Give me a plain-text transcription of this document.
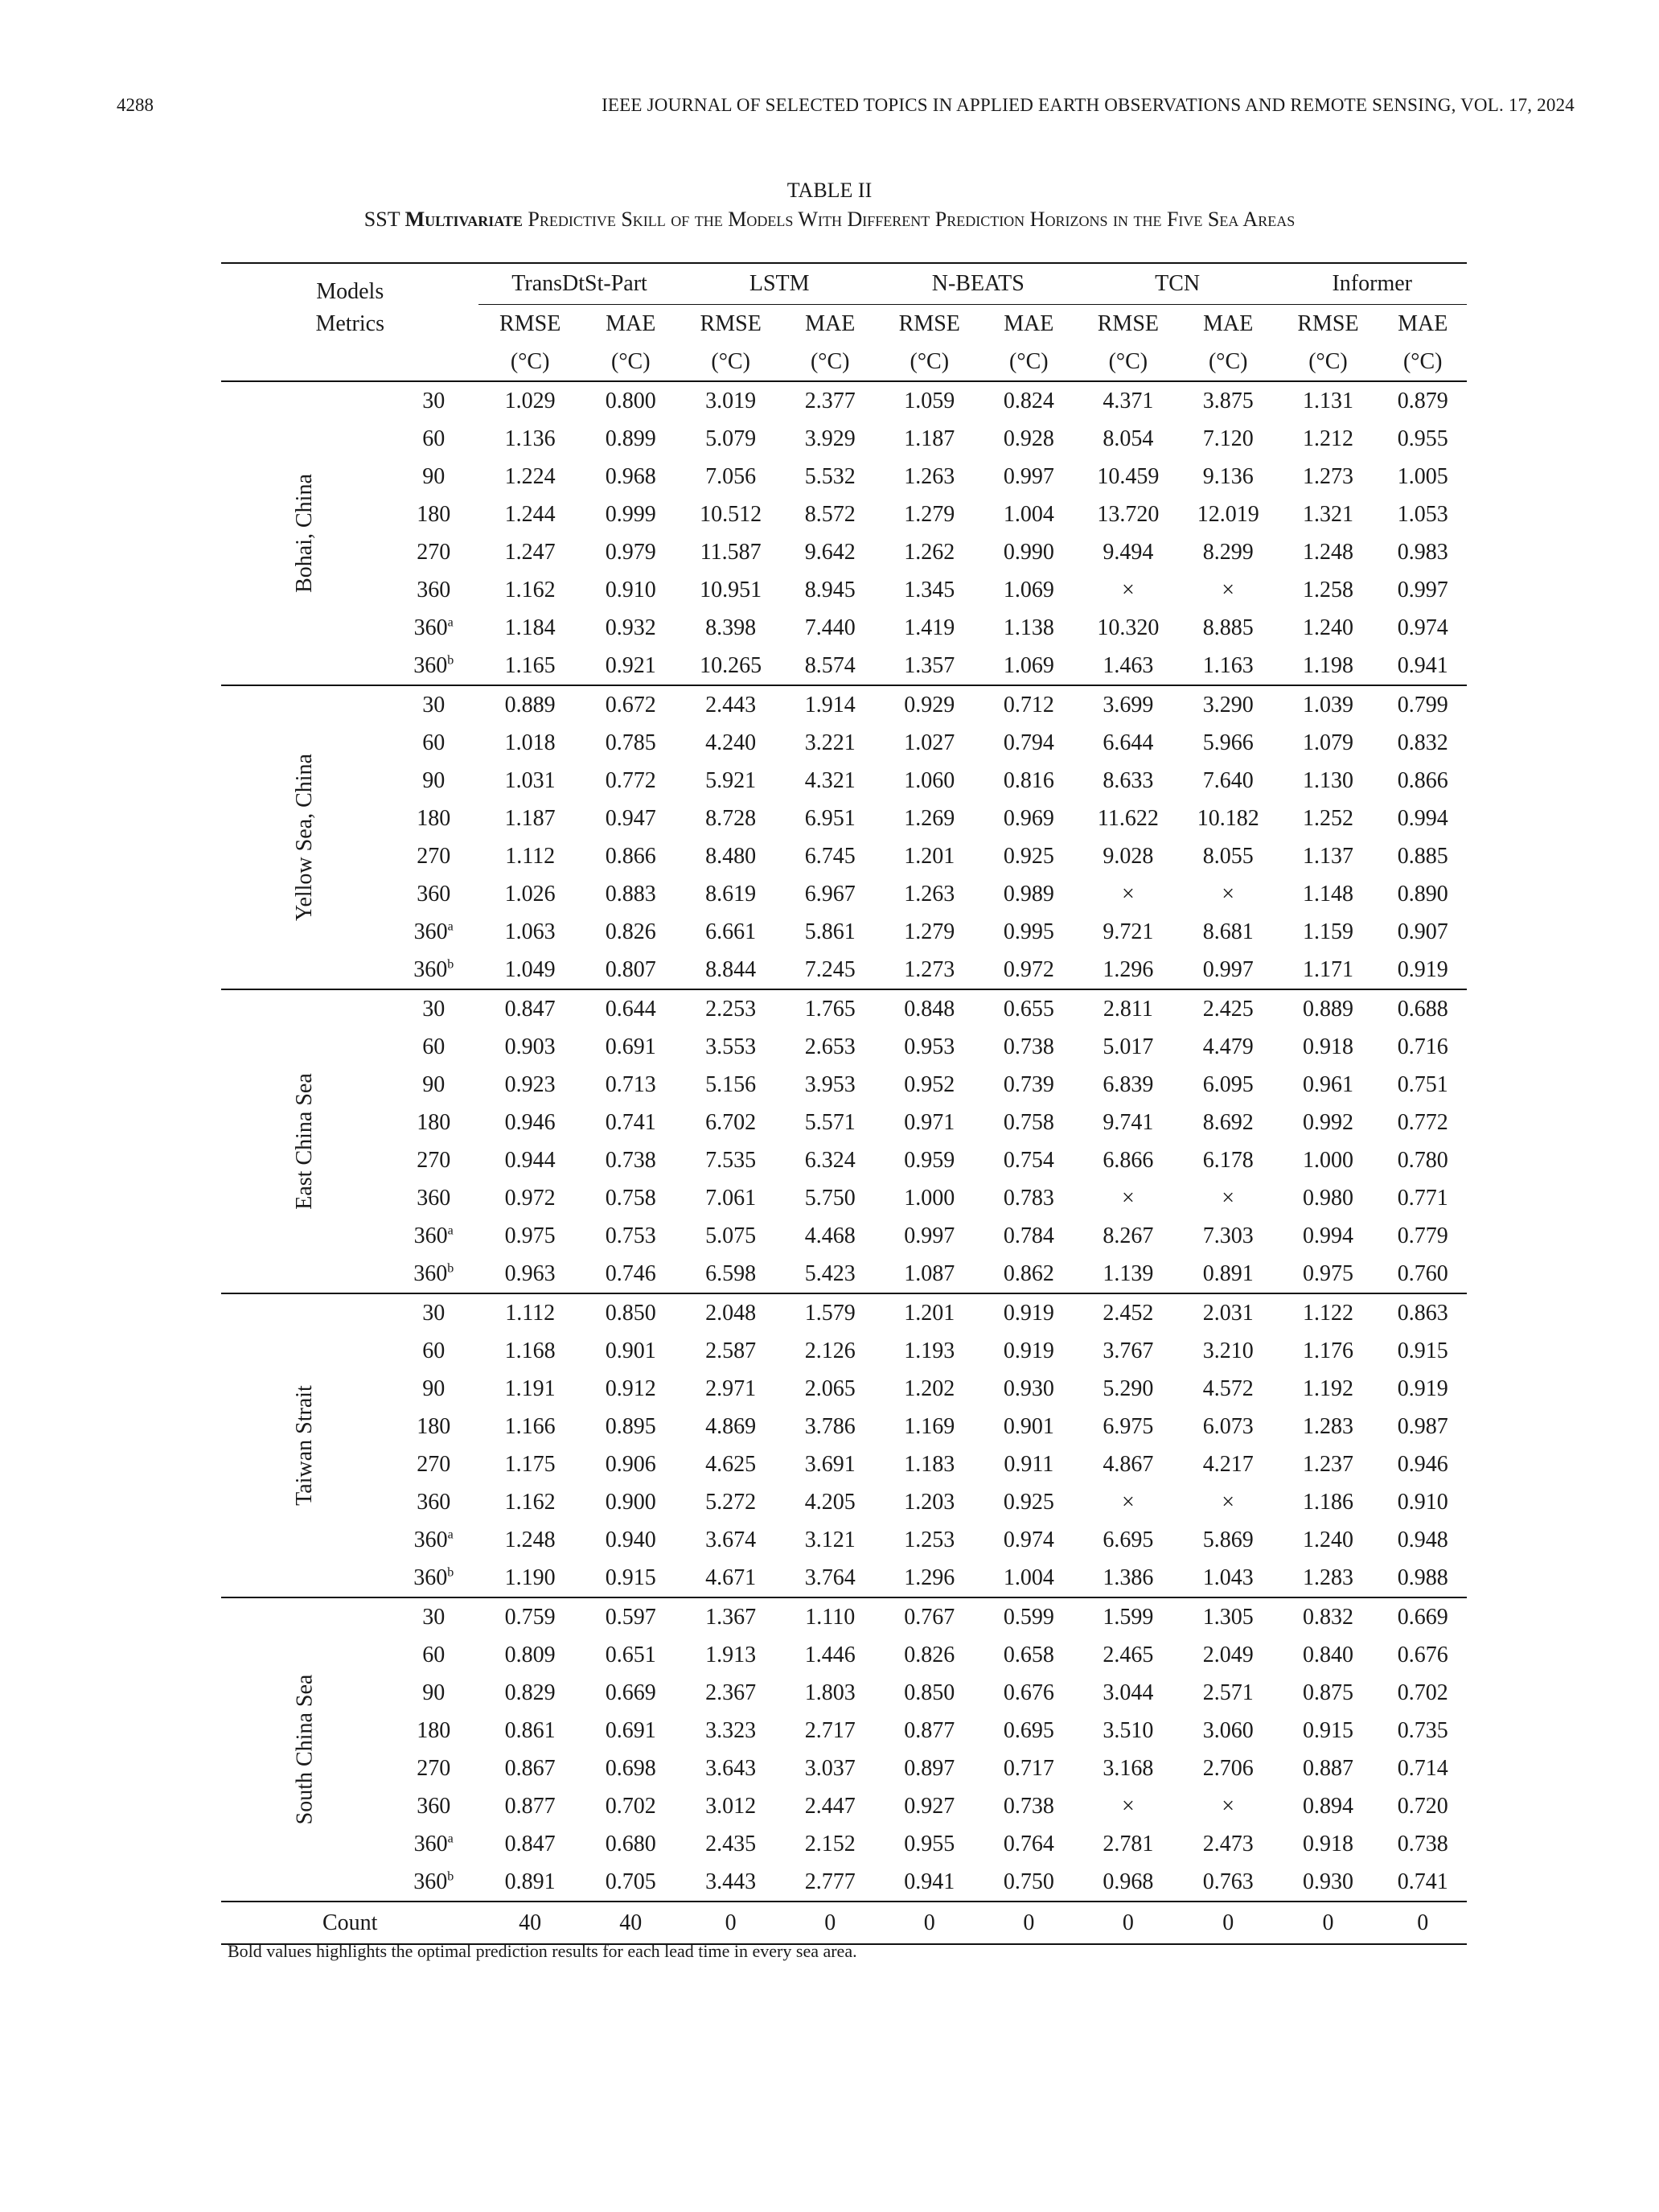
4288	IEEE JOURNAL OF SELECTED TOPICS IN APPLIED EARTH OBSERVATIONS AND REMOTE SENSING, VOL. 17, 2024
TABLE II
SST Multivariate Predictive Skill of the Models With Different Prediction Horizons in the Five Sea Areas
Models		TransDtSt-Part		LSTM		N-BEATS		TCN		Informer	
Metrics		RMSE	MAE	RMSE	MAE	RMSE	MAE	RMSE	MAE	RMSE	MAE
		(°C)	(°C)	(°C)	(°C)	(°C)	(°C)	(°C)	(°C)	(°C)	(°C)
Bohai, China	30	1.029	0.800	3.019	2.377	1.059	0.824	4.371	3.875	1.131	0.879
	60	1.136	0.899	5.079	3.929	1.187	0.928	8.054	7.120	1.212	0.955
	90	1.224	0.968	7.056	5.532	1.263	0.997	10.459	9.136	1.273	1.005
	180	1.244	0.999	10.512	8.572	1.279	1.004	13.720	12.019	1.321	1.053
	270	1.247	0.979	11.587	9.642	1.262	0.990	9.494	8.299	1.248	0.983
	360	1.162	0.910	10.951	8.945	1.345	1.069	×	×	1.258	0.997
	360$^a$	1.184	0.932	8.398	7.440	1.419	1.138	10.320	8.885	1.240	0.974
	360$^b$	1.165	0.921	10.265	8.574	1.357	1.069	1.463	1.163	1.198	0.941
Yellow Sea, China	30	0.889	0.672	2.443	1.914	0.929	0.712	3.699	3.290	1.039	0.799
	60	1.018	0.785	4.240	3.221	1.027	0.794	6.644	5.966	1.079	0.832
	90	1.031	0.772	5.921	4.321	1.060	0.816	8.633	7.640	1.130	0.866
	180	1.187	0.947	8.728	6.951	1.269	0.969	11.622	10.182	1.252	0.994
	270	1.112	0.866	8.480	6.745	1.201	0.925	9.028	8.055	1.137	0.885
	360	1.026	0.883	8.619	6.967	1.263	0.989	×	×	1.148	0.890
	360$^a$	1.063	0.826	6.661	5.861	1.279	0.995	9.721	8.681	1.159	0.907
	360$^b$	1.049	0.807	8.844	7.245	1.273	0.972	1.296	0.997	1.171	0.919
East China Sea	30	0.847	0.644	2.253	1.765	0.848	0.655	2.811	2.425	0.889	0.688
	60	0.903	0.691	3.553	2.653	0.953	0.738	5.017	4.479	0.918	0.716
	90	0.923	0.713	5.156	3.953	0.952	0.739	6.839	6.095	0.961	0.751
	180	0.946	0.741	6.702	5.571	0.971	0.758	9.741	8.692	0.992	0.772
	270	0.944	0.738	7.535	6.324	0.959	0.754	6.866	6.178	1.000	0.780
	360	0.972	0.758	7.061	5.750	1.000	0.783	×	×	0.980	0.771
	360$^a$	0.975	0.753	5.075	4.468	0.997	0.784	8.267	7.303	0.994	0.779
	360$^b$	0.963	0.746	6.598	5.423	1.087	0.862	1.139	0.891	0.975	0.760
Taiwan Strait	30	1.112	0.850	2.048	1.579	1.201	0.919	2.452	2.031	1.122	0.863
	60	1.168	0.901	2.587	2.126	1.193	0.919	3.767	3.210	1.176	0.915
	90	1.191	0.912	2.971	2.065	1.202	0.930	5.290	4.572	1.192	0.919
	180	1.166	0.895	4.869	3.786	1.169	0.901	6.975	6.073	1.283	0.987
	270	1.175	0.906	4.625	3.691	1.183	0.911	4.867	4.217	1.237	0.946
	360	1.162	0.900	5.272	4.205	1.203	0.925	×	×	1.186	0.910
	360$^a$	1.248	0.940	3.674	3.121	1.253	0.974	6.695	5.869	1.240	0.948
	360$^b$	1.190	0.915	4.671	3.764	1.296	1.004	1.386	1.043	1.283	0.988
South China Sea	30	0.759	0.597	1.367	1.110	0.767	0.599	1.599	1.305	0.832	0.669
	60	0.809	0.651	1.913	1.446	0.826	0.658	2.465	2.049	0.840	0.676
	90	0.829	0.669	2.367	1.803	0.850	0.676	3.044	2.571	0.875	0.702
	180	0.861	0.691	3.323	2.717	0.877	0.695	3.510	3.060	0.915	0.735
	270	0.867	0.698	3.643	3.037	0.897	0.717	3.168	2.706	0.887	0.714
	360	0.877	0.702	3.012	2.447	0.927	0.738	×	×	0.894	0.720
	360$^a$	0.847	0.680	2.435	2.152	0.955	0.764	2.781	2.473	0.918	0.738
	360$^b$	0.891	0.705	3.443	2.777	0.941	0.750	0.968	0.763	0.930	0.741
Count		40	40	0	0	0	0	0	0	0	0
Bold values highlights the optimal prediction results for each lead time in every sea area.
